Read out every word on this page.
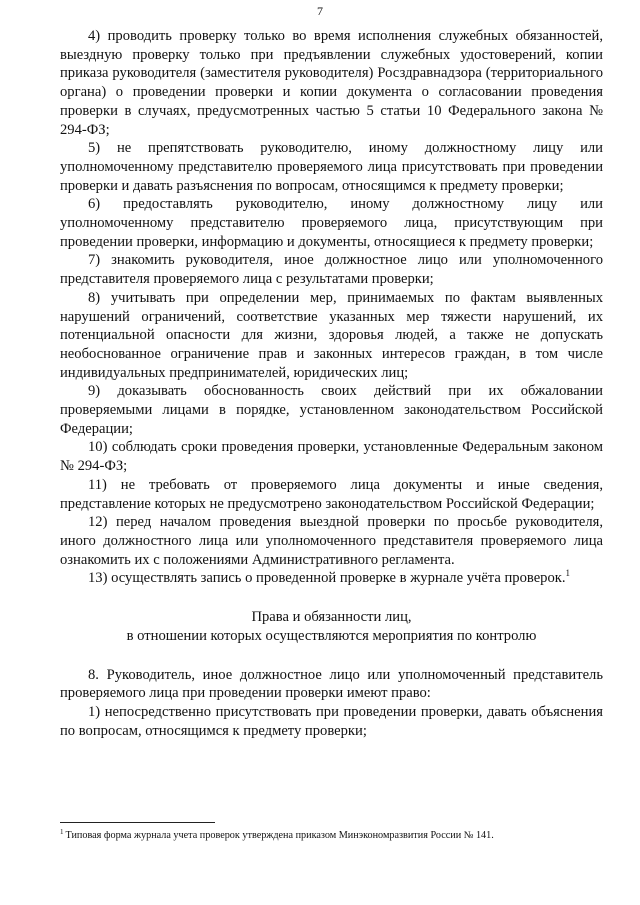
7

4) проводить проверку только во время исполнения служебных обязанностей, выездную проверку только при предъявлении служебных удостоверений, копии приказа руководителя (заместителя руководителя) Росздравнадзора (территориального органа) о проведении проверки и копии документа о согласовании проведения проверки в случаях, предусмотренных частью 5 статьи 10 Федерального закона № 294-ФЗ;

5) не препятствовать руководителю, иному должностному лицу или уполномоченному представителю проверяемого лица присутствовать при проведении проверки и давать разъяснения по вопросам, относящимся к предмету проверки;

6) предоставлять руководителю, иному должностному лицу или уполномоченному представителю проверяемого лица, присутствующим при проведении проверки, информацию и документы, относящиеся к предмету проверки;

7) знакомить руководителя, иное должностное лицо или уполномоченного представителя проверяемого лица с результатами проверки;

8) учитывать при определении мер, принимаемых по фактам выявленных нарушений ограничений, соответствие указанных мер тяжести нарушений, их потенциальной опасности для жизни, здоровья людей, а также не допускать необоснованное ограничение прав и законных интересов граждан, в том числе индивидуальных предпринимателей, юридических лиц;

9) доказывать обоснованность своих действий при их обжаловании проверяемыми лицами в порядке, установленном законодательством Российской Федерации;

10) соблюдать сроки проведения проверки, установленные Федеральным законом № 294-ФЗ;

11) не требовать от проверяемого лица документы и иные сведения, представление которых не предусмотрено законодательством Российской Федерации;

12) перед началом проведения выездной проверки по просьбе руководителя, иного должностного лица или уполномоченного представителя проверяемого лица ознакомить их с положениями Административного регламента.

13) осуществлять запись о проведенной проверке в журнале учёта проверок.$^1$

Права и обязанности лиц,

в отношении которых осуществляются мероприятия по контролю

8. Руководитель, иное должностное лицо или уполномоченный представитель проверяемого лица при проведении проверки имеют право:

1) непосредственно присутствовать при проведении проверки, давать объяснения по вопросам, относящимся к предмету проверки;

$^1$ Типовая форма журнала учета проверок утверждена приказом Минэкономразвития России № 141.
